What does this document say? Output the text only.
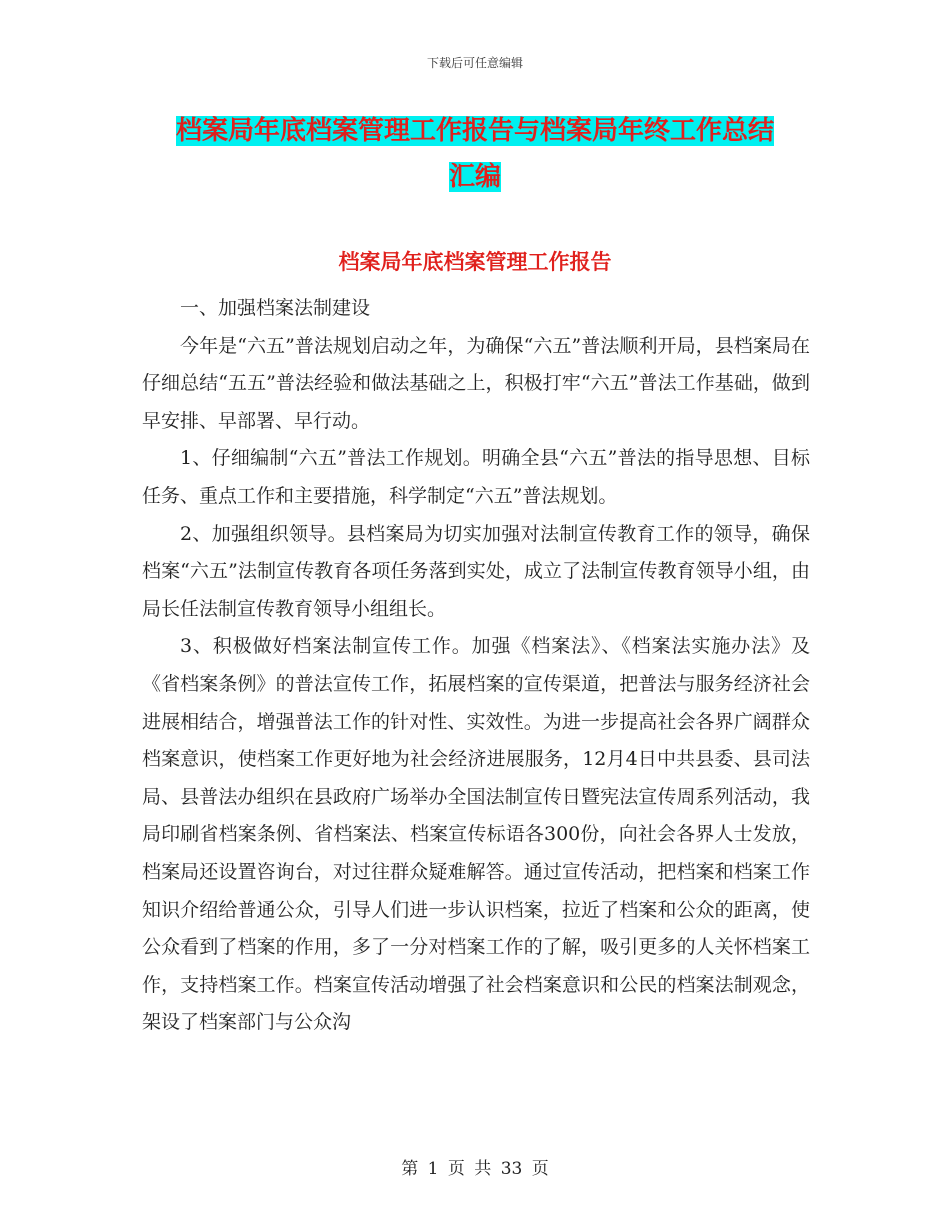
下载后可任意编辑
档案局年底档案管理工作报告与档案局年终工作总结
汇编
档案局年底档案管理工作报告

一、加强档案法制建设

今年是“六五”普法规划启动之年，为确保“六五”普法顺利开局，县档案局在仔细总结“五五”普法经验和做法基础之上，积极打牢“六五”普法工作基础，做到早安排、早部署、早行动。

1、仔细编制“六五”普法工作规划。明确全县“六五”普法的指导思想、目标任务、重点工作和主要措施，科学制定“六五”普法规划。

2、加强组织领导。县档案局为切实加强对法制宣传教育工作的领导，确保档案“六五”法制宣传教育各项任务落到实处，成立了法制宣传教育领导小组，由局长任法制宣传教育领导小组组长。

3、积极做好档案法制宣传工作。加强《档案法》、《档案法实施办法》及《省档案条例》的普法宣传工作，拓展档案的宣传渠道，把普法与服务经济社会进展相结合，增强普法工作的针对性、实效性。为进一步提高社会各界广阔群众档案意识，使档案工作更好地为社会经济进展服务，12月4日中共县委、县司法局、县普法办组织在县政府广场举办全国法制宣传日暨宪法宣传周系列活动，我局印刷省档案条例、省档案法、档案宣传标语各300份，向社会各界人士发放，档案局还设置咨询台，对过往群众疑难解答。通过宣传活动，把档案和档案工作知识介绍给普通公众，引导人们进一步认识档案，拉近了档案和公众的距离，使公众看到了档案的作用，多了一分对档案工作的了解，吸引更多的人关怀档案工作，支持档案工作。档案宣传活动增强了社会档案意识和公民的档案法制观念，架设了档案部门与公众沟

第 1 页 共 33 页
